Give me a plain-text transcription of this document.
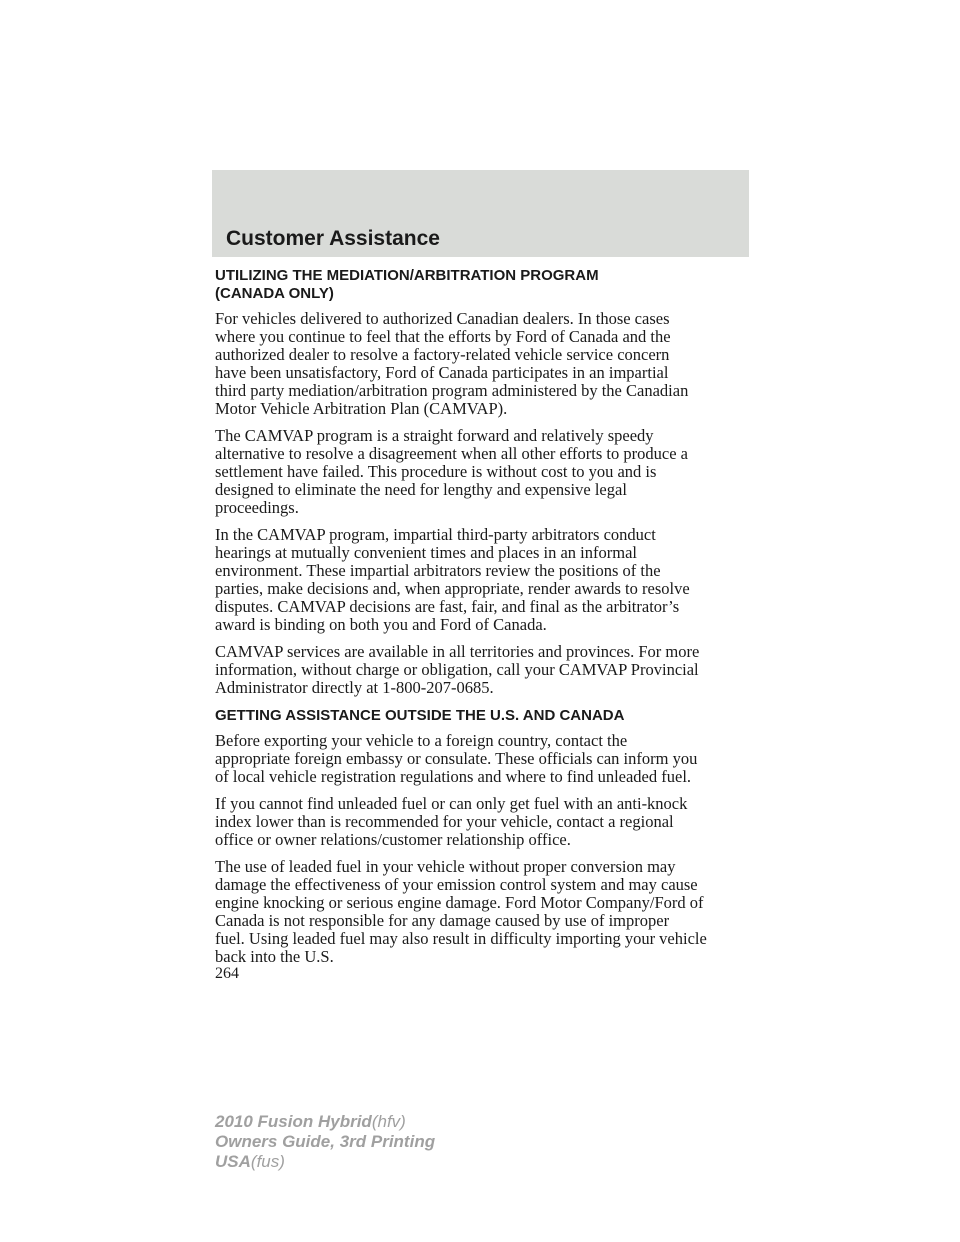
Customer Assistance
UTILIZING THE MEDIATION/ARBITRATION PROGRAM
(CANADA ONLY)

For vehicles delivered to authorized Canadian dealers. In those cases
where you continue to feel that the efforts by Ford of Canada and the
authorized dealer to resolve a factory-related vehicle service concern
have been unsatisfactory, Ford of Canada participates in an impartial
third party mediation/arbitration program administered by the Canadian
Motor Vehicle Arbitration Plan (CAMVAP).

The CAMVAP program is a straight forward and relatively speedy
alternative to resolve a disagreement when all other efforts to produce a
settlement have failed. This procedure is without cost to you and is
designed to eliminate the need for lengthy and expensive legal
proceedings.

In the CAMVAP program, impartial third-party arbitrators conduct
hearings at mutually convenient times and places in an informal
environment. These impartial arbitrators review the positions of the
parties, make decisions and, when appropriate, render awards to resolve
disputes. CAMVAP decisions are fast, fair, and final as the arbitrator’s
award is binding on both you and Ford of Canada.

CAMVAP services are available in all territories and provinces. For more
information, without charge or obligation, call your CAMVAP Provincial
Administrator directly at 1-800-207-0685.

GETTING ASSISTANCE OUTSIDE THE U.S. AND CANADA

Before exporting your vehicle to a foreign country, contact the
appropriate foreign embassy or consulate. These officials can inform you
of local vehicle registration regulations and where to find unleaded fuel.

If you cannot find unleaded fuel or can only get fuel with an anti-knock
index lower than is recommended for your vehicle, contact a regional
office or owner relations/customer relationship office.

The use of leaded fuel in your vehicle without proper conversion may
damage the effectiveness of your emission control system and may cause
engine knocking or serious engine damage. Ford Motor Company/Ford of
Canada is not responsible for any damage caused by use of improper
fuel. Using leaded fuel may also result in difficulty importing your vehicle
back into the U.S.

264

2010 Fusion Hybrid(hfv)

Owners Guide, 3rd Printing

USA(fus)
